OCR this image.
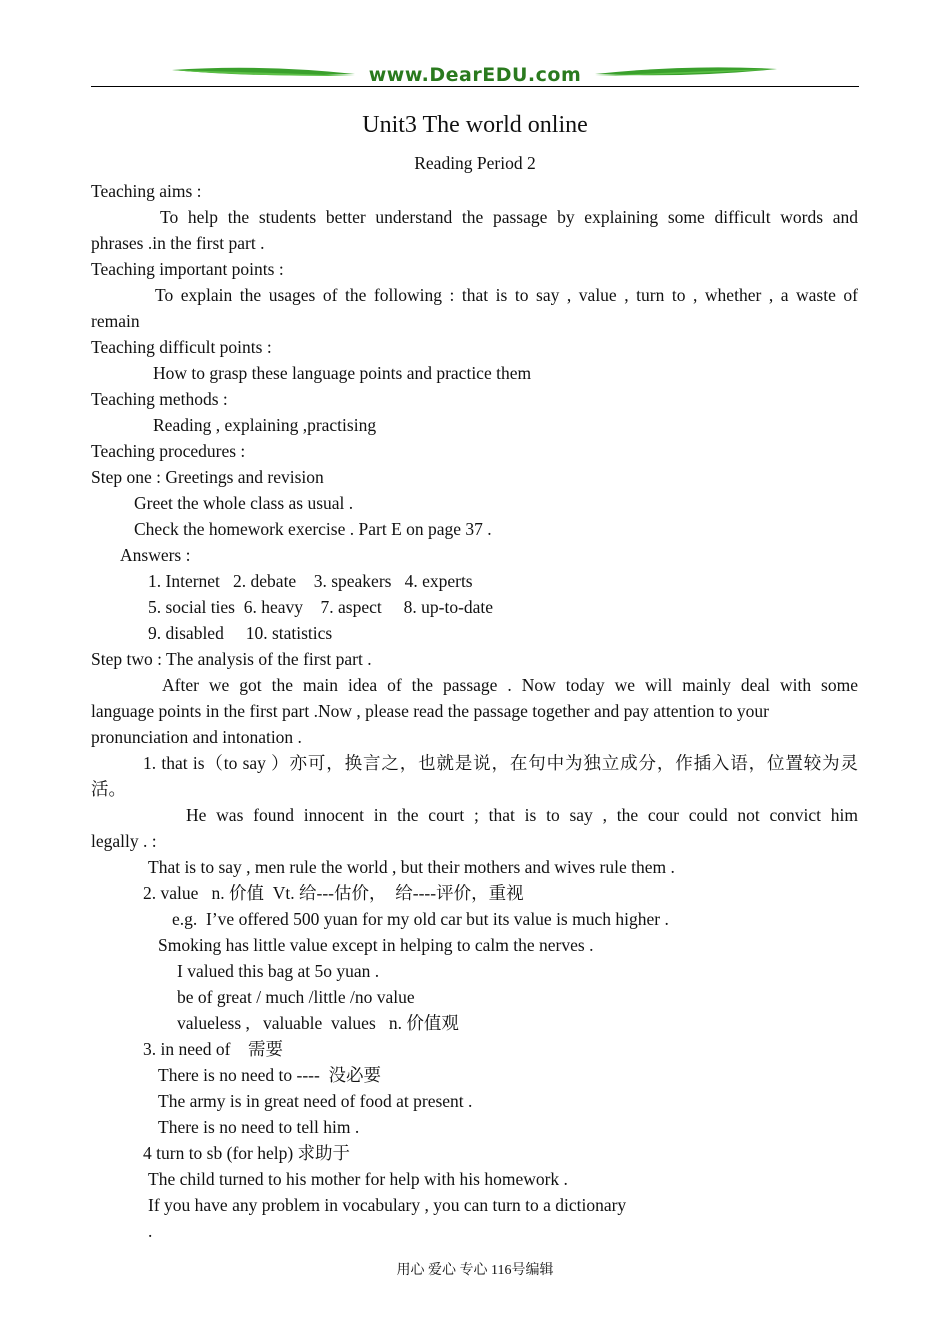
www.DearEDU.com
Unit3 The world online
Reading Period 2
Teaching aims :
To help the students better understand the passage by explaining some difficult words and
phrases .in the first part .
Teaching important points :
To explain the usages of the following : that is to say , value , turn to , whether , a waste of
remain
Teaching difficult points :
How to grasp these language points and practice them
Teaching methods :
Reading , explaining ,practising
Teaching procedures :
Step one : Greetings and revision
Greet the whole class as usual .
Check the homework exercise . Part E on page 37 .
Answers :
1. Internet   2. debate    3. speakers   4. experts
5. social ties  6. heavy    7. aspect     8. up-to-date
9. disabled     10. statistics
Step two : The analysis of the first part .
After we got the main idea of the passage . Now today we will mainly deal with some
language points in the first part .Now , please read the passage together and pay attention to your
pronunciation and intonation .
1. that is（to say ）亦可，换言之，也就是说，在句中为独立成分，作插入语，位置较为灵
活。
He was found innocent in the court ; that is to say , the cour could not convict him
legally . :
That is to say , men rule the world , but their mothers and wives rule them .
2. value   n. 价值  Vt. 给---估价，  给----评价，重视
e.g.  I’ve offered 500 yuan for my old car but its value is much higher .
Smoking has little value except in helping to calm the nerves .
I valued this bag at 5o yuan .
be of great / much /little /no value
valueless ,   valuable  values   n. 价值观
3. in need of    需要
There is no need to ----  没必要
The army is in great need of food at present .
There is no need to tell him .
4 turn to sb (for help) 求助于
The child turned to his mother for help with his homework .
If you have any problem in vocabulary , you can turn to a dictionary
.
用心 爱心 专心 116号编辑
